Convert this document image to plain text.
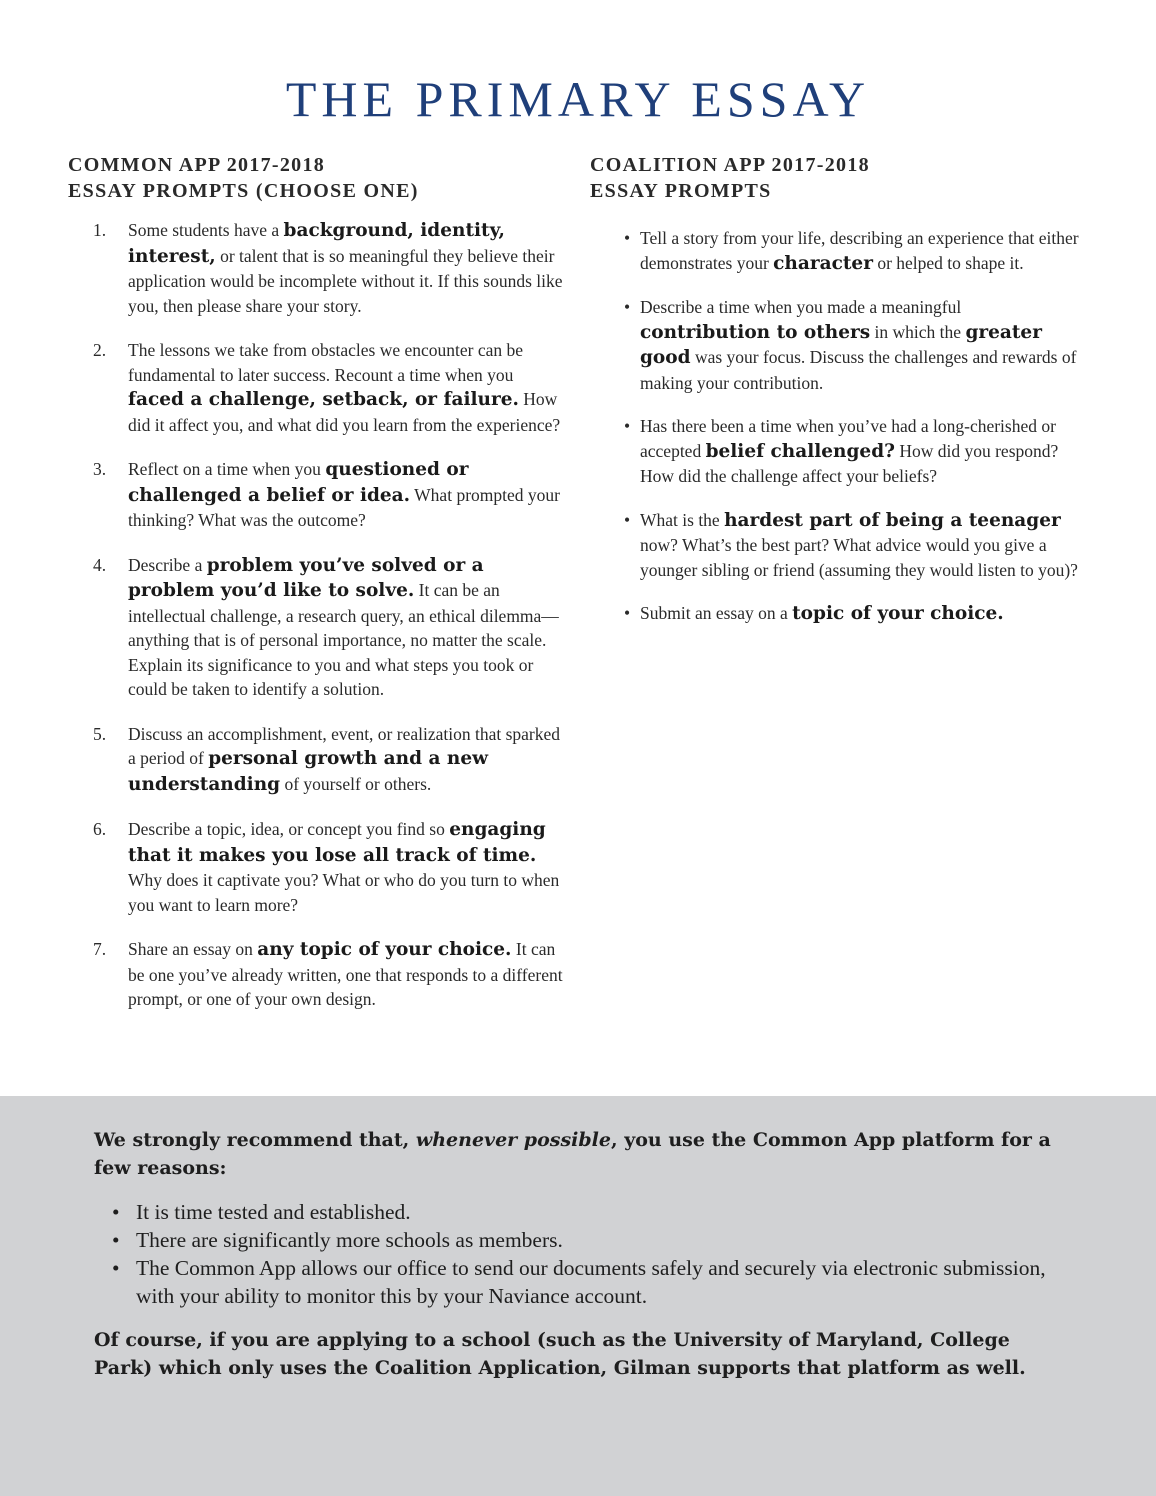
THE PRIMARY ESSAY
COMMON APP 2017-2018
ESSAY PROMPTS (CHOOSE ONE)
1. Some students have a background, identity, interest, or talent that is so meaningful they believe their application would be incomplete without it. If this sounds like you, then please share your story.
2. The lessons we take from obstacles we encounter can be fundamental to later success. Recount a time when you faced a challenge, setback, or failure. How did it affect you, and what did you learn from the experience?
3. Reflect on a time when you questioned or challenged a belief or idea. What prompted your thinking? What was the outcome?
4. Describe a problem you’ve solved or a problem you’d like to solve. It can be an intellectual challenge, a research query, an ethical dilemma—anything that is of personal importance, no matter the scale. Explain its significance to you and what steps you took or could be taken to identify a solution.
5. Discuss an accomplishment, event, or realization that sparked a period of personal growth and a new understanding of yourself or others.
6. Describe a topic, idea, or concept you find so engaging that it makes you lose all track of time. Why does it captivate you? What or who do you turn to when you want to learn more?
7. Share an essay on any topic of your choice. It can be one you’ve already written, one that responds to a different prompt, or one of your own design.
COALITION APP 2017-2018
ESSAY PROMPTS
• Tell a story from your life, describing an experience that either demonstrates your character or helped to shape it.
• Describe a time when you made a meaningful contribution to others in which the greater good was your focus. Discuss the challenges and rewards of making your contribution.
• Has there been a time when you’ve had a long-cherished or accepted belief challenged? How did you respond? How did the challenge affect your beliefs?
• What is the hardest part of being a teenager now? What’s the best part? What advice would you give a younger sibling or friend (assuming they would listen to you)?
• Submit an essay on a topic of your choice.

We strongly recommend that, whenever possible, you use the Common App platform for a few reasons:

• It is time tested and established.
• There are significantly more schools as members.
• The Common App allows our office to send our documents safely and securely via electronic submission, with your ability to monitor this by your Naviance account.

Of course, if you are applying to a school (such as the University of Maryland, College Park) which only uses the Coalition Application, Gilman supports that platform as well.
